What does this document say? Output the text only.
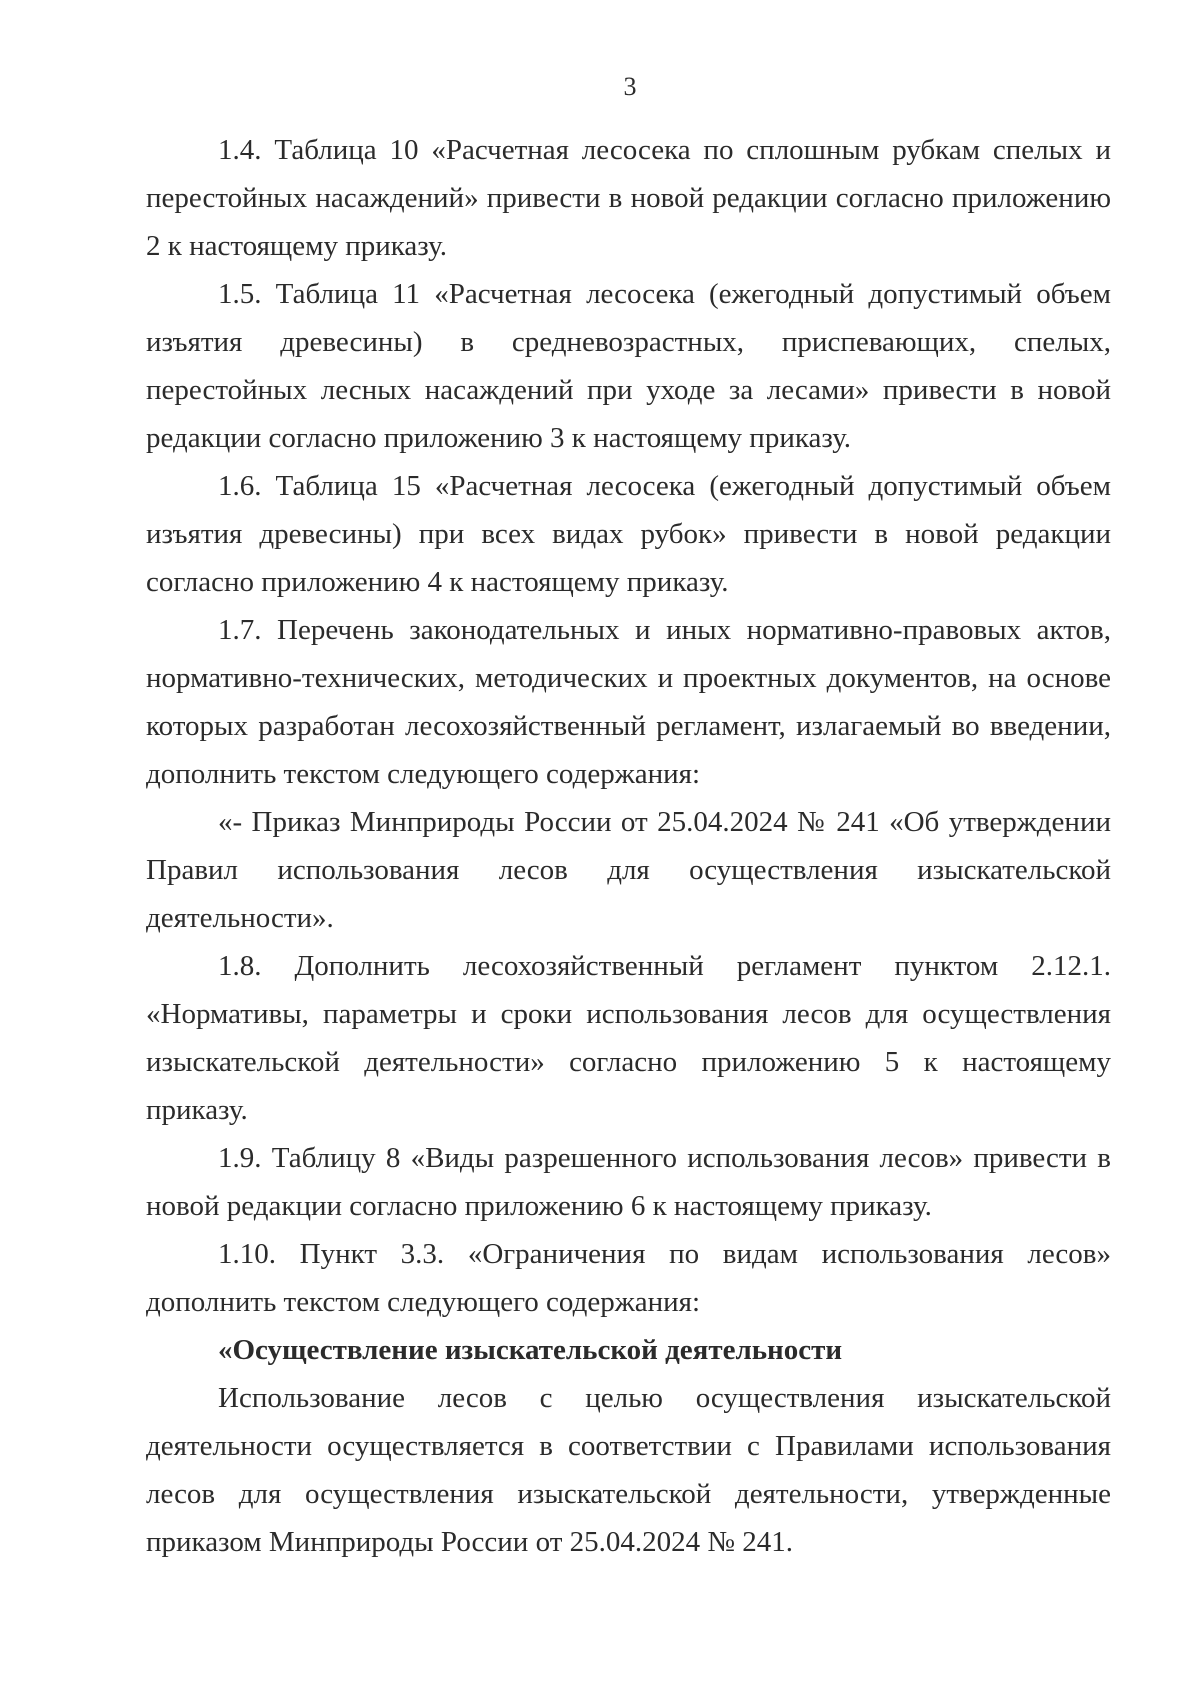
3

1.4. Таблица 10 «Расчетная лесосека по сплошным рубкам спелых и перестойных насаждений» привести в новой редакции согласно приложению 2 к настоящему приказу.

1.5. Таблица 11 «Расчетная лесосека (ежегодный допустимый объем изъятия древесины) в средневозрастных, приспевающих, спелых, перестойных лесных насаждений при уходе за лесами» привести в новой редакции согласно приложению 3 к настоящему приказу.

1.6. Таблица 15 «Расчетная лесосека (ежегодный допустимый объем изъятия древесины) при всех видах рубок» привести в новой редакции согласно приложению 4 к настоящему приказу.

1.7. Перечень законодательных и иных нормативно-правовых актов, нормативно-технических, методических и проектных документов, на основе которых разработан лесохозяйственный регламент, излагаемый во введении, дополнить текстом следующего содержания:

«- Приказ Минприроды России от 25.04.2024 № 241 «Об утверждении Правил использования лесов для осуществления изыскательской деятельности».

1.8. Дополнить лесохозяйственный регламент пунктом 2.12.1. «Нормативы, параметры и сроки использования лесов для осуществления изыскательской деятельности» согласно приложению 5 к настоящему приказу.

1.9. Таблицу 8 «Виды разрешенного использования лесов» привести в новой редакции согласно приложению 6 к настоящему приказу.

1.10. Пункт 3.3. «Ограничения по видам использования лесов» дополнить текстом следующего содержания:

«Осуществление изыскательской деятельности

Использование лесов с целью осуществления изыскательской деятельности осуществляется в соответствии с Правилами использования лесов для осуществления изыскательской деятельности, утвержденные приказом Минприроды России от 25.04.2024 № 241.
